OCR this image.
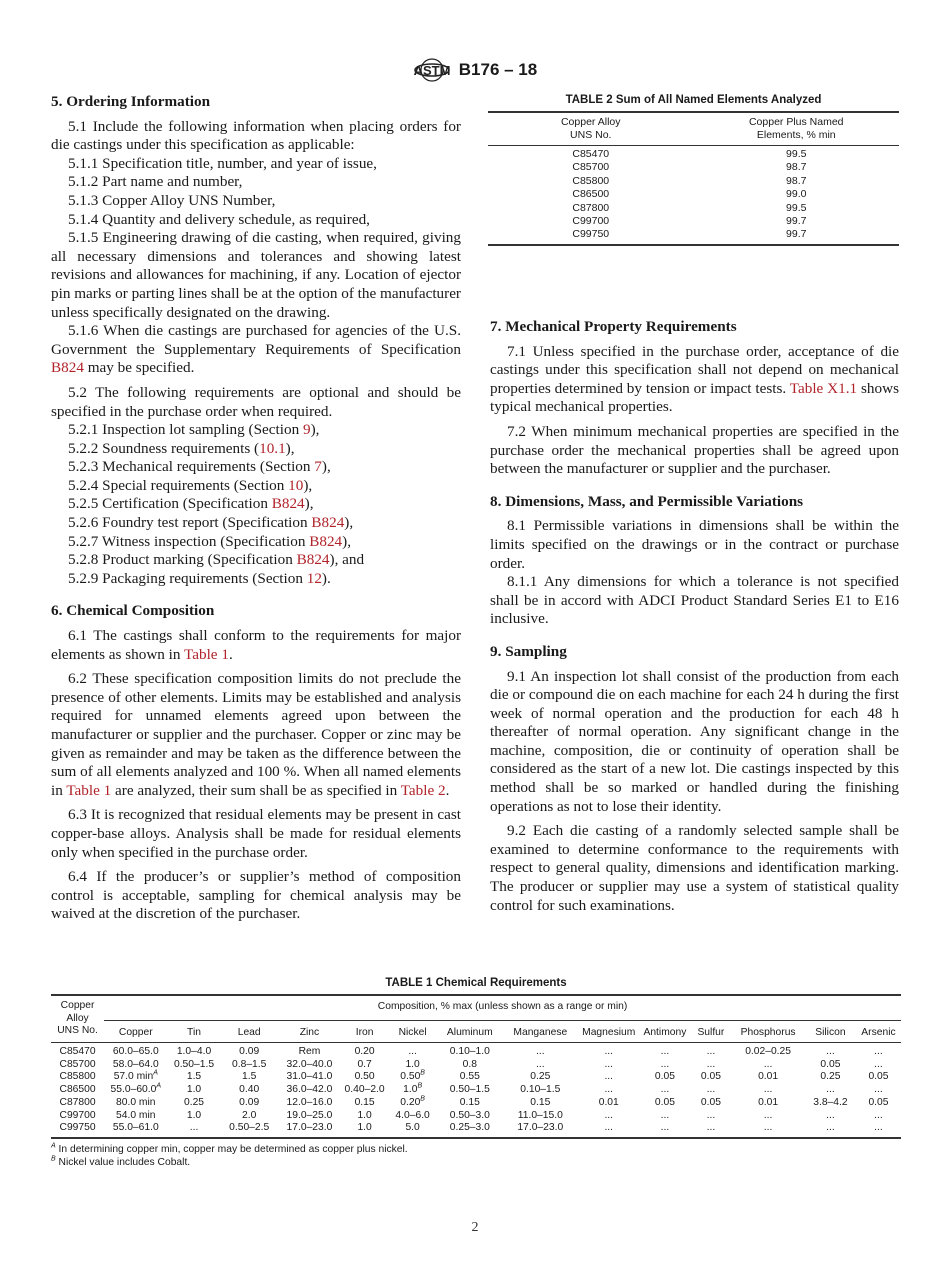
ASTM B176 – 18
TABLE 2 Sum of All Named Elements Analyzed
Copper Alloy
UNS No.

Copper Plus Named
Elements, % min

C85470	99.5
C85700	98.7
C85800	98.7
C86500	99.0
C87800	99.5
C99700	99.7
C99750	99.7
5. Ordering Information

5.1 Include the following information when placing orders for die castings under this specification as applicable:

5.1.1 Specification title, number, and year of issue,

5.1.2 Part name and number,

5.1.3 Copper Alloy UNS Number,

5.1.4 Quantity and delivery schedule, as required,

5.1.5 Engineering drawing of die casting, when required, giving all necessary dimensions and tolerances and showing latest revisions and allowances for machining, if any. Location of ejector pin marks or parting lines shall be at the option of the manufacturer unless specifically designated on the drawing.

5.1.6 When die castings are purchased for agencies of the U.S. Government the Supplementary Requirements of Specification B824 may be specified.

5.2 The following requirements are optional and should be specified in the purchase order when required.

5.2.1 Inspection lot sampling (Section 9),

5.2.2 Soundness requirements (10.1),

5.2.3 Mechanical requirements (Section 7),

5.2.4 Special requirements (Section 10),

5.2.5 Certification (Specification B824),

5.2.6 Foundry test report (Specification B824),

5.2.7 Witness inspection (Specification B824),

5.2.8 Product marking (Specification B824), and

5.2.9 Packaging requirements (Section 12).

6. Chemical Composition

6.1 The castings shall conform to the requirements for major elements as shown in Table 1.

6.2 These specification composition limits do not preclude the presence of other elements. Limits may be established and analysis required for unnamed elements agreed upon between the manufacturer or supplier and the purchaser. Copper or zinc may be given as remainder and may be taken as the difference between the sum of all elements analyzed and 100 %. When all named elements in Table 1 are analyzed, their sum shall be as specified in Table 2.

6.3 It is recognized that residual elements may be present in cast copper-base alloys. Analysis shall be made for residual elements only when specified in the purchase order.

6.4 If the producer’s or supplier’s method of composition control is acceptable, sampling for chemical analysis may be waived at the discretion of the purchaser.

7. Mechanical Property Requirements

7.1 Unless specified in the purchase order, acceptance of die castings under this specification shall not depend on mechanical properties determined by tension or impact tests. Table X1.1 shows typical mechanical properties.

7.2 When minimum mechanical properties are specified in the purchase order the mechanical properties shall be agreed upon between the manufacturer or supplier and the purchaser.

8. Dimensions, Mass, and Permissible Variations

8.1 Permissible variations in dimensions shall be within the limits specified on the drawings or in the contract or purchase order.

8.1.1 Any dimensions for which a tolerance is not specified shall be in accord with ADCI Product Standard Series E1 to E16 inclusive.

9. Sampling

9.1 An inspection lot shall consist of the production from each die or compound die on each machine for each 24 h during the first week of normal operation and the production for each 48 h thereafter of normal operation. Any significant change in the machine, composition, die or continuity of operation shall be considered as the start of a new lot. Die castings inspected by this method shall be so marked or handled during the finishing operations as not to lose their identity.

9.2 Each die casting of a randomly selected sample shall be examined to determine conformance to the requirements with respect to general quality, dimensions and identification marking. The producer or supplier may use a system of statistical quality control for such examinations.

TABLE 1 Chemical Requirements
Copper
Alloy
UNS No.	Composition, % max (unless shown as a range or min)													
	Copper	Tin	Lead	Zinc	Iron	Nickel	Aluminum	Manganese	Magnesium	Antimony	Sulfur	Phosphorus	Silicon	Arsenic
C85470	60.0–65.0	1.0–4.0	0.09	Rem	0.20	...	0.10–1.0	...	...	...	...	0.02–0.25	...	...
C85700	58.0–64.0	0.50–1.5	0.8–1.5	32.0–40.0	0.7	1.0	0.8	...	...	...	...	...	0.05	...
C85800	57.0 $\min^A$	1.5	1.5	31.0–41.0	0.50	$0.50^B$	0.55	0.25	...	0.05	0.05	0.01	0.25	0.05
C86500	$55.0-60.0^A$	1.0	0.40	36.0–42.0	0.40–2.0	$1.0^B$	0.50–1.5	0.10–1.5	...	...	...	...	...	...
C87800	80.0 min	0.25	0.09	12.0–16.0	0.15	$0.20^B$	0.15	0.15	0.01	0.05	0.05	0.01	3.8–4.2	0.05
C99700	54.0 min	1.0	2.0	19.0–25.0	1.0	4.0–6.0	0.50–3.0	11.0–15.0	...	...	...	...	...	...
C99750	55.0–61.0	...	0.50–2.5	17.0–23.0	1.0	5.0	0.25–3.0	17.0–23.0	...	...	...	...	...	...
$^A$ In determining copper min, copper may be determined as copper plus nickel.
$^B$ Nickel value includes Cobalt.
2
